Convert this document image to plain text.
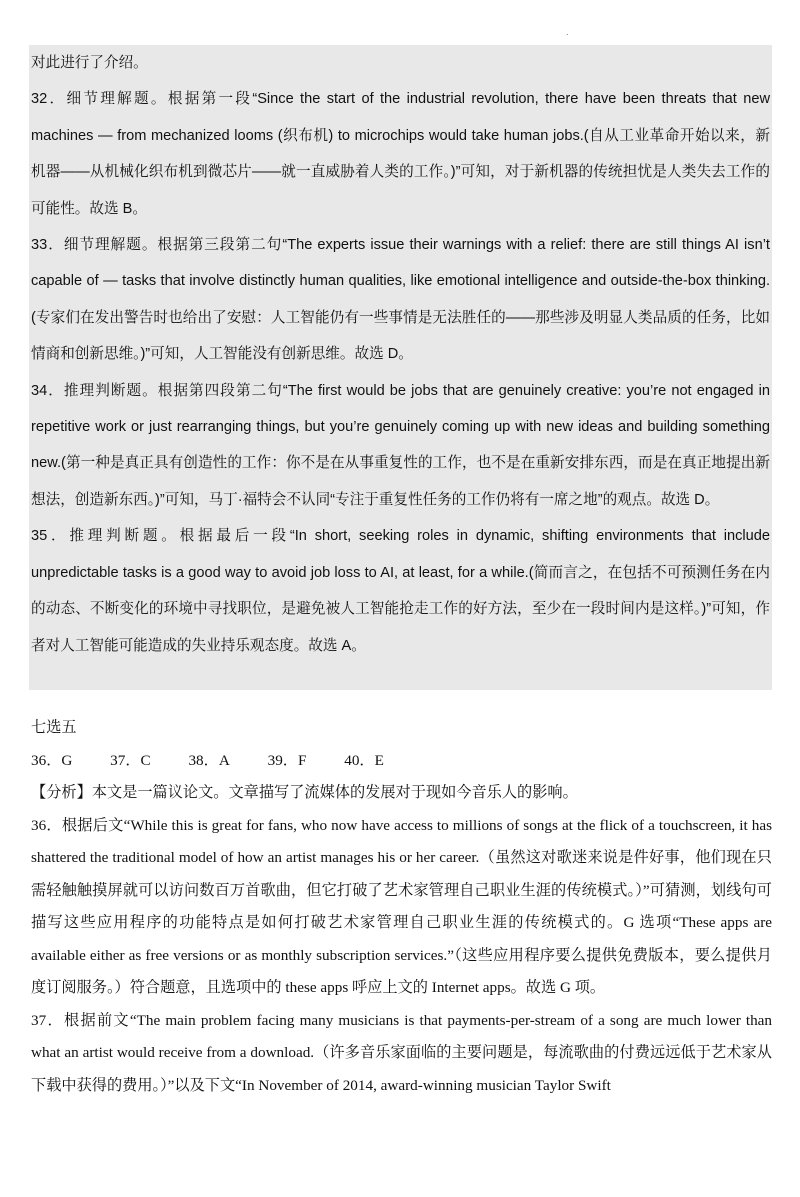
.

对此进行了介绍。

32．细节理解题。根据第一段“Since the start of the industrial revolution, there have been threats that new machines — from mechanized looms (织布机) to microchips would take human jobs.(自从工业革命开始以来，新机器——从机械化织布机到微芯片——就一直威胁着人类的工作。)”可知，对于新机器的传统担忧是人类失去工作的可能性。故选 B。

33．细节理解题。根据第三段第二句“The experts issue their warnings with a relief: there are still things AI isn’t capable of — tasks that involve distinctly human qualities, like emotional intelligence and outside-the-box thinking.(专家们在发出警告时也给出了安慰：人工智能仍有一些事情是无法胜任的——那些涉及明显人类品质的任务，比如情商和创新思维。)”可知，人工智能没有创新思维。故选 D。

34．推理判断题。根据第四段第二句“The first would be jobs that are genuinely creative: you’re not engaged in repetitive work or just rearranging things, but you’re genuinely coming up with new ideas and building something new.(第一种是真正具有创造性的工作：你不是在从事重复性的工作，也不是在重新安排东西，而是在真正地提出新想法，创造新东西。)”可知，马丁·福特会不认同“专注于重复性任务的工作仍将有一席之地”的观点。故选 D。

35．推理判断题。根据最后一段“In short, seeking roles in dynamic, shifting environments that include unpredictable tasks is a good way to avoid job loss to AI, at least, for a while.(简而言之，在包括不可预测任务在内的动态、不断变化的环境中寻找职位，是避免被人工智能抢走工作的好方法，至少在一段时间内是这样。)”可知，作者对人工智能可能造成的失业持乐观态度。故选 A。

七选五

36．G 37．C 38．A 39．F 40．E

【分析】本文是一篇议论文。文章描写了流媒体的发展对于现如今音乐人的影响。

36．根据后文“While this is great for fans, who now have access to millions of songs at the flick of a touchscreen, it has shattered the traditional model of how an artist manages his or her career.（虽然这对歌迷来说是件好事，他们现在只需轻触触摸屏就可以访问数百万首歌曲，但它打破了艺术家管理自己职业生涯的传统模式。）”可猜测，划线句可描写这些应用程序的功能特点是如何打破艺术家管理自己职业生涯的传统模式的。G 选项“These apps are available either as free versions or as monthly subscription services.”（这些应用程序要么提供免费版本，要么提供月度订阅服务。）符合题意，且选项中的 these apps 呼应上文的 Internet apps。故选 G 项。

37．根据前文“The main problem facing many musicians is that payments-per-stream of a song are much lower than what an artist would receive from a download.（许多音乐家面临的主要问题是，每流歌曲的付费远远低于艺术家从下载中获得的费用。）”以及下文“In November of 2014, award-winning musician Taylor Swift
